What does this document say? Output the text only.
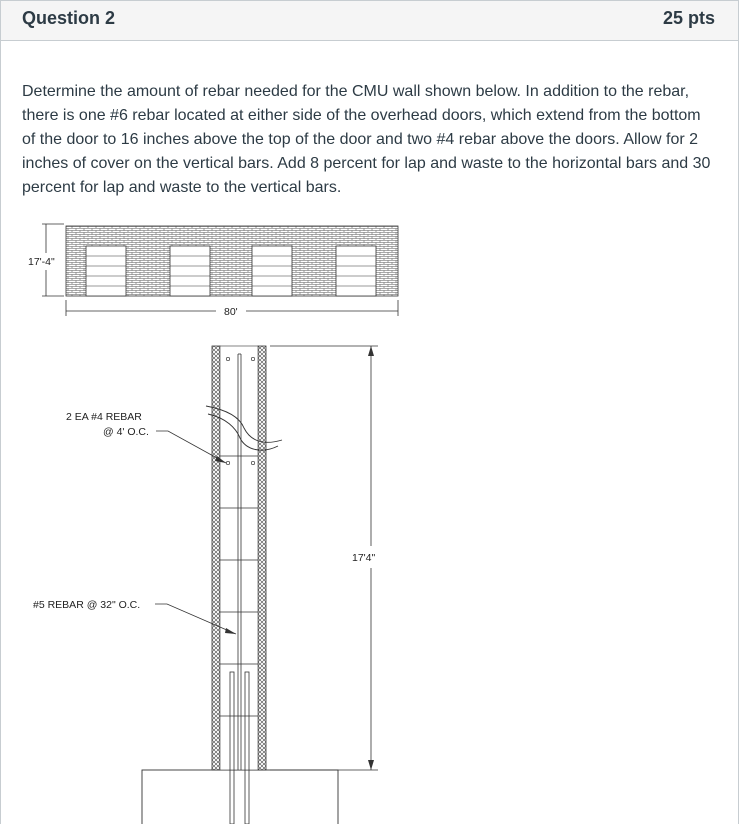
Question 2	25 pts
Determine the amount of rebar needed for the CMU wall shown below. In addition to the rebar, there is one #6 rebar located at either side of the overhead doors, which extend from the bottom of the door to 16 inches above the top of the door and two #4 rebar above the doors. Allow for 2 inches of cover on the vertical bars. Add 8 percent for lap and waste to the horizontal bars and 30 percent for lap and waste to the vertical bars.
17'-4"
80'
17'4"
2 EA #4 REBAR
@ 4' O.C.
#5 REBAR @ 32" O.C.
